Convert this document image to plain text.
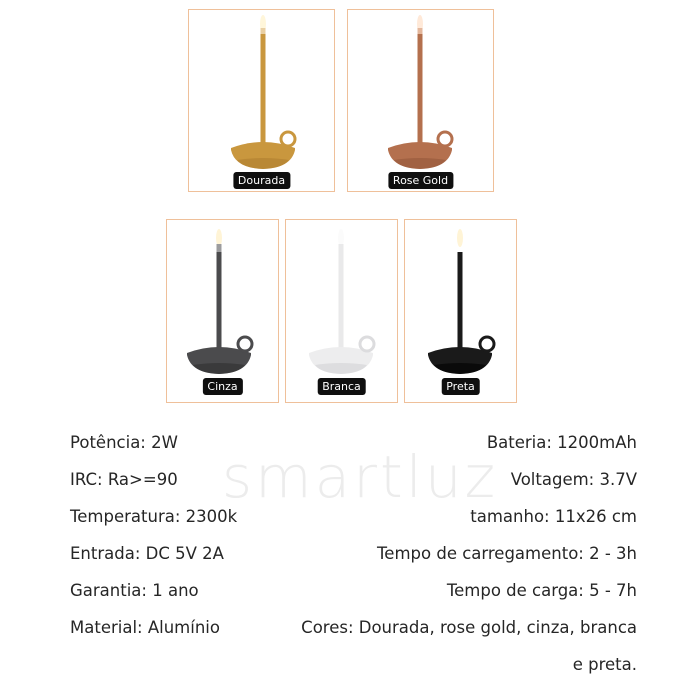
Dourada	Rose Gold
Cinza	Branca	Preta
smartluz
Potência: 2W
IRC: Ra>=90
Temperatura: 2300k
Entrada: DC 5V 2A
Garantia: 1 ano
Material: Alumínio
Bateria: 1200mAh
Voltagem: 3.7V
tamanho: 11x26 cm
Tempo de carregamento: 2 - 3h
Tempo de carga: 5 - 7h
Cores: Dourada, rose gold, cinza, branca
e preta.
